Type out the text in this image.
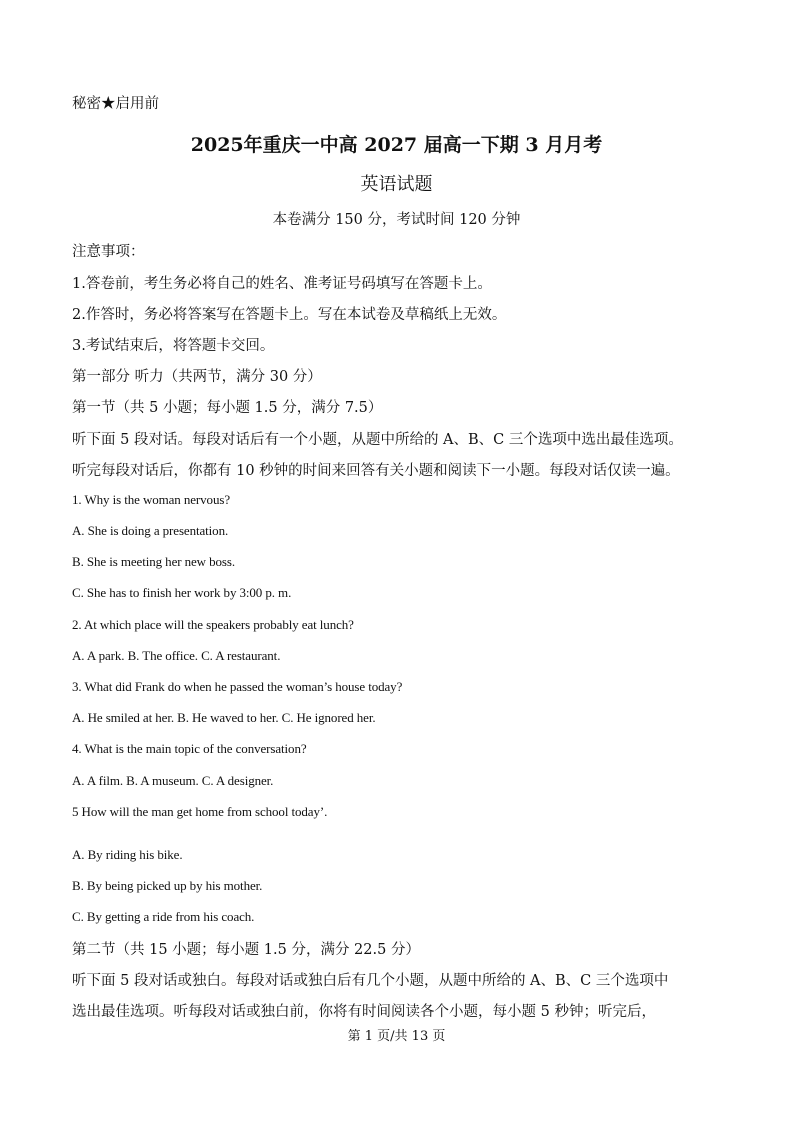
秘密★启用前
2025年重庆一中高 2027 届高一下期 3 月月考
英语试题
本卷满分 150 分，考试时间 120 分钟
注意事项：
1.答卷前，考生务必将自己的姓名、准考证号码填写在答题卡上。
2.作答时，务必将答案写在答题卡上。写在本试卷及草稿纸上无效。
3.考试结束后，将答题卡交回。
第一部分 听力（共两节，满分 30 分）
第一节（共 5 小题；每小题 1.5 分，满分 7.5）
听下面 5 段对话。每段对话后有一个小题，从题中所给的 A、B、C 三个选项中选出最佳选项。
听完每段对话后，你都有 10 秒钟的时间来回答有关小题和阅读下一小题。每段对话仅读一遍。
1. Why is the woman nervous?
A. She is doing a presentation.
B. She is meeting her new boss.
C. She has to finish her work by 3:00 p. m.
2. At which place will the speakers probably eat lunch?
A. A park. B. The office. C. A restaurant.
3. What did Frank do when he passed the woman’s house today?
A. He smiled at her. B. He waved to her. C. He ignored her.
4. What is the main topic of the conversation?
A. A film. B. A museum. C. A designer.
5 How will the man get home from school today’.
A. By riding his bike.
B. By being picked up by his mother.
C. By getting a ride from his coach.
第二节（共 15 小题；每小题 1.5 分，满分 22.5 分）
听下面 5 段对话或独白。每段对话或独白后有几个小题，从题中所给的 A、B、C 三个选项中
选出最佳选项。听每段对话或独白前，你将有时间阅读各个小题，每小题 5 秒钟；听完后，
第 1 页/共 13 页
